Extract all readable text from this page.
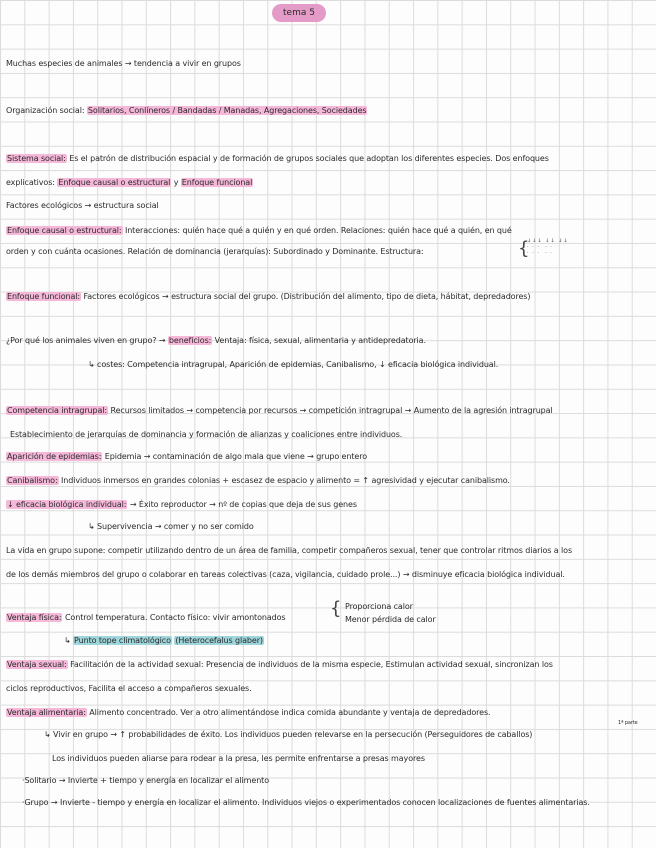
tema 5
Muchas especies de animales → tendencia a vivir en grupos
Organización social: Solitarios, Conlíneros / Bandadas / Manadas, Agregaciones, Sociedades
Sistema social: Es el patrón de distribución espacial y de formación de grupos sociales que adoptan los diferentes especies. Dos enfoques
explicativos: Enfoque causal o estructural y Enfoque funcional
Factores ecológicos → estructura social
Enfoque causal o estructural: Interacciones: quién hace qué a quién y en qué orden. Relaciones: quién hace qué a quién, en qué
orden y con cuánta ocasiones. Relación de dominancia (jerarquías): Subordinado y Dominante. Estructura:	{
↓↓↓ ↓↓ ↓↓
· · ·  · ·
· · ·  · ·
Enfoque funcional: Factores ecológicos → estructura social del grupo. (Distribución del alimento, tipo de dieta, hábitat, depredadores)
¿Por qué los animales viven en grupo? → beneficios: Ventaja: física, sexual, alimentaria y antidepredatoria.
↳ costes: Competencia intragrupal, Aparición de epidemias, Canibalismo, ↓ eficacia biológica individual.
Competencia intragrupal: Recursos limitados → competencia por recursos → competición intragrupal → Aumento de la agresión intragrupal
Establecimiento de jerarquías de dominancia y formación de alianzas y coaliciones entre individuos.
Aparición de epidemias: Epidemia → contaminación de algo mala que viene → grupo entero
Canibalismo: Individuos inmersos en grandes colonias + escasez de espacio y alimento = ↑ agresividad y ejecutar canibalismo.
↓ eficacia biológica individual: → Éxito reproductor → nº de copias que deja de sus genes
↳ Supervivencia → comer y no ser comido
La vida en grupo supone: competir utilizando dentro de un área de familia, competir compañeros sexual, tener que controlar ritmos diarios a los
de los demás miembros del grupo o colaborar en tareas colectivas (caza, vigilancia, cuidado prole...) → disminuye eficacia biológica individual.
Ventaja física: Control temperatura. Contacto físico: vivir amontonados	{ Proporciona calor
Menor pérdida de calor
↳ Punto tope climatológico (Heterocefalus glaber)
Ventaja sexual: Facilitación de la actividad sexual: Presencia de individuos de la misma especie, Estimulan actividad sexual, sincronizan los
ciclos reproductivos, Facilita el acceso a compañeros sexuales.
Ventaja alimentaria: Alimento concentrado. Ver a otro alimentándose indica comida abundante y ventaja de depredadores.
↳ Vivir en grupo → ↑ probabilidades de éxito. Los individuos pueden relevarse en la persecución (Perseguidores de caballos)
1ª parte
Los individuos pueden aliarse para rodear a la presa, les permite enfrentarse a presas mayores
·Solitario → Invierte + tiempo y energía en localizar el alimento
·Grupo → Invierte - tiempo y energía en localizar el alimento. Individuos viejos o experimentados conocen localizaciones de fuentes alimentarias.
